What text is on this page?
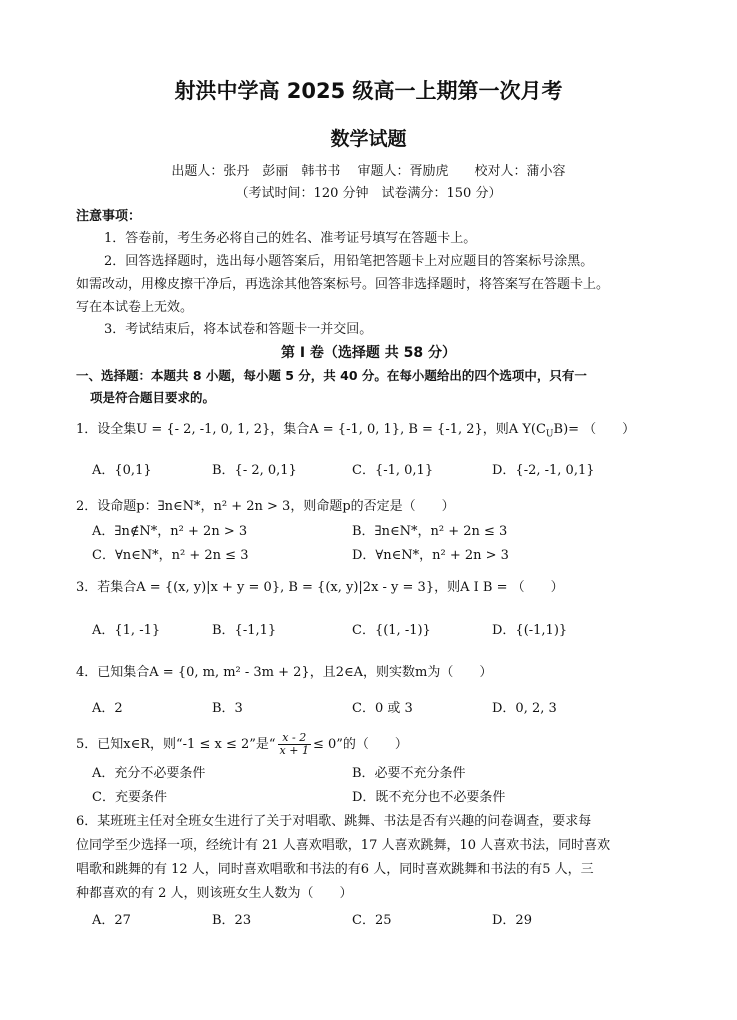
射洪中学高 2025 级高一上期第一次月考
数学试题
出题人：张丹　彭丽　韩书书　 审题人：胥励虎　　校对人：蒲小容
（考试时间：120 分钟　试卷满分：150 分）
注意事项：
1．答卷前，考生务必将自己的姓名、准考证号填写在答题卡上。
2．回答选择题时，选出每小题答案后，用铅笔把答题卡上对应题目的答案标号涂黑。
如需改动，用橡皮擦干净后，再选涂其他答案标号。回答非选择题时，将答案写在答题卡上。
写在本试卷上无效。
3．考试结束后，将本试卷和答题卡一并交回。
第 I 卷（选择题 共 58 分）
一、选择题：本题共 8 小题，每小题 5 分，共 40 分。在每小题给出的四个选项中，只有一
项是符合题目要求的。
1．设全集U = {- 2, -1, 0, 1, 2}，集合A = {-1, 0, 1}, B = {-1, 2}，则A $Y(C_UB)=$ （　　）
A．{0,1}	B．{- 2, 0,1}	C．{-1, 0,1}	D．{-2, -1, 0,1}
2．设命题p：∃n∈N*，n² + 2n > 3，则命题p的否定是（　　）
A．∃n∉N*，n² + 2n > 3	B．∃n∈N*，n² + 2n ≤ 3
C．∀n∈N*，n² + 2n ≤ 3	D．∀n∈N*，n² + 2n > 3
3．若集合A = {(x, y)|x + y = 0}, B = {(x, y)|2x - y = 3}，则A I B = （　　）
A．{1, -1}	B．{-1,1}	C．{(1, -1)}	D．{(-1,1)}
4．已知集合A = {0, m, m² - 3m + 2}，且2∈A，则实数m为（　　）
A．2	B．3	C．0 或 3	D．0, 2, 3
5．已知x∈R，则“-1 ≤ x ≤ 2”是“ $\frac{x - 2}{x + 1} \le 0$”的（　　）
A．充分不必要条件	B．必要不充分条件
C．充要条件	D．既不充分也不必要条件
6．某班班主任对全班女生进行了关于对唱歌、跳舞、书法是否有兴趣的问卷调查，要求每
位同学至少选择一项，经统计有 21 人喜欢唱歌，17 人喜欢跳舞，10 人喜欢书法，同时喜欢
唱歌和跳舞的有 12 人，同时喜欢唱歌和书法的有6 人，同时喜欢跳舞和书法的有5 人，三
种都喜欢的有 2 人，则该班女生人数为（　　）
A．27	B．23	C．25	D．29
